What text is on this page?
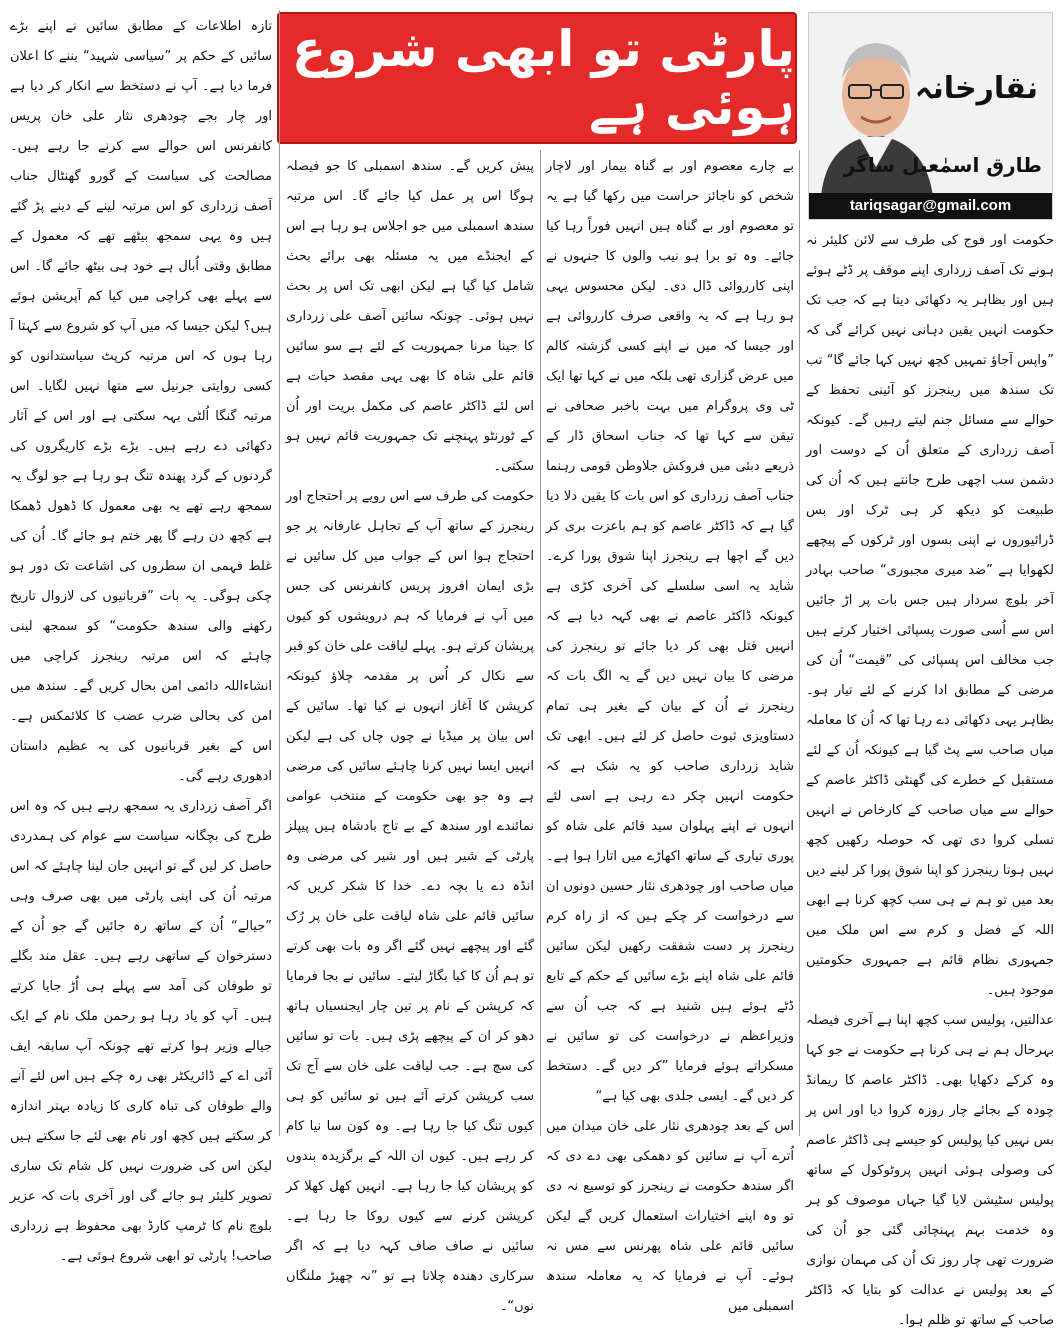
پارٹی تو ابھی شروع ہوئی ہے	نقارخانہ
طارق اسمٰعیل ساگر
tariqsagar@gmail.com

حکومت اور فوج کی طرف سے لائن کلیئر نہ ہونے تک آصف زرداری اپنے موقف پر ڈٹے ہوئے ہیں اور بظاہر یہ دکھائی دیتا ہے کہ جب تک حکومت انہیں یقین دہانی نہیں کرائے گی کہ ”واپس آجاؤ تمہیں کچھ نہیں کہا جائے گا“ تب تک سندھ میں رینجرز کو آئینی تحفظ کے حوالے سے مسائل جنم لیتے رہیں گے۔ کیونکہ آصف زرداری کے متعلق اُن کے دوست اور دشمن سب اچھی طرح جانتے ہیں کہ اُن کی طبیعت کو دیکھ کر ہی ٹرک اور بس ڈرائیوروں نے اپنی بسوں اور ٹرکوں کے پیچھے لکھوایا ہے ”ضد میری مجبوری“ صاحب بہادر آخر بلوچ سردار ہیں جس بات پر اڑ جائیں اس سے اُسی صورت پسپائی اختیار کرتے ہیں جب مخالف اس پسپائی کی ”قیمت“ اُن کی مرضی کے مطابق ادا کرنے کے لئے تیار ہو۔ بظاہر یہی دکھائی دے رہا تھا کہ اُن کا معاملہ میاں صاحب سے پٹ گیا ہے کیونکہ اُن کے لئے مستقبل کے خطرے کی گھنٹی ڈاکٹر عاصم کے حوالے سے میاں صاحب کے کارخاص نے انہیں تسلی کروا دی تھی کہ حوصلہ رکھیں کچھ نہیں ہوتا رینجرز کو اپنا شوق پورا کر لینے دیں بعد میں تو ہم نے ہی سب کچھ کرنا ہے ابھی اللہ کے فضل و کرم سے اس ملک میں جمہوری نظام قائم ہے جمہوری حکومتیں موجود ہیں۔

عدالتیں، پولیس سب کچھ اپنا ہے آخری فیصلہ بہرحال ہم نے ہی کرنا ہے حکومت نے جو کہا وہ کرکے دکھایا بھی۔ ڈاکٹر عاصم کا ریمانڈ چودہ کے بجائے چار روزہ کروا دیا اور اس پر بس نہیں کیا پولیس کو جیسے ہی ڈاکٹر عاصم کی وصولی ہوئی انہیں پروٹوکول کے ساتھ پولیس سٹیشن لایا گیا جہاں موصوف کو ہر وہ خدمت بہم پہنچائی گئی جو اُن کی ضرورت تھی چار روز تک اُن کی مہمان نوازی کے بعد پولیس نے عدالت کو بتایا کہ ڈاکٹر صاحب کے ساتھ تو ظلم ہوا۔

بے چارے معصوم اور بے گناہ بیمار اور لاچار شخص کو ناجائز حراست میں رکھا گیا ہے یہ تو معصوم اور بے گناہ ہیں انہیں فوراً رہا کیا جائے۔ وہ تو برا ہو نیب والوں کا جنہوں نے اپنی کارروائی ڈال دی۔ لیکن محسوس یہی ہو رہا ہے کہ یہ واقعی صرف کارروائی ہے اور جیسا کہ میں نے اپنے کسی گزشتہ کالم میں عرض گزاری تھی بلکہ میں نے کہا تھا ایک ٹی وی پروگرام میں بہت باخبر صحافی نے تیقن سے کہا تھا کہ جناب اسحاق ڈار کے ذریعے دبئی میں فروکش جلاوطن قومی رہنما جناب آصف زرداری کو اس بات کا یقین دلا دیا گیا ہے کہ ڈاکٹر عاصم کو ہم باعزت بری کر دیں گے اچھا ہے رینجرز اپنا شوق پورا کرے۔ شاید یہ اسی سلسلے کی آخری کڑی ہے کیونکہ ڈاکٹر عاصم نے بھی کہہ دیا ہے کہ انہیں قتل بھی کر دیا جائے تو رینجرز کی مرضی کا بیان نہیں دیں گے یہ الگ بات کہ رینجرز نے اُن کے بیان کے بغیر ہی تمام دستاویزی ثبوت حاصل کر لئے ہیں۔ ابھی تک شاید زرداری صاحب کو یہ شک ہے کہ حکومت انہیں چکر دے رہی ہے اسی لئے انہوں نے اپنے پہلوان سید قائم علی شاہ کو پوری تیاری کے ساتھ اکھاڑے میں اتارا ہوا ہے۔ میاں صاحب اور چودھری نثار حسین دونوں ان سے درخواست کر چکے ہیں کہ از راہ کرم رینجرز پر دست شفقت رکھیں لیکن سائیں قائم علی شاہ اپنے بڑے سائیں کے حکم کے تابع ڈٹے ہوئے ہیں شنید ہے کہ جب اُن سے وزیراعظم نے درخواست کی تو سائیں نے مسکراتے ہوئے فرمایا ”کر دیں گے۔ دستخط کر دیں گے۔ ایسی جلدی بھی کیا ہے“

اس کے بعد چودھری نثار علی خان میدان میں اُترے آپ نے سائیں کو دھمکی بھی دے دی کہ اگر سندھ حکومت نے رینجرز کو توسیع نہ دی تو وہ اپنے اختیارات استعمال کریں گے لیکن سائیں قائم علی شاہ پھرنس سے مس نہ ہوئے۔ آپ نے فرمایا کہ یہ معاملہ سندھ اسمبلی میں

پیش کریں گے۔ سندھ اسمبلی کا جو فیصلہ ہوگا اس پر عمل کیا جائے گا۔ اس مرتبہ سندھ اسمبلی میں جو اجلاس ہو رہا ہے اس کے ایجنڈے میں یہ مسئلہ بھی برائے بحث شامل کیا گیا ہے لیکن ابھی تک اس پر بحث نہیں ہوئی۔ چونکہ سائیں آصف علی زرداری کا جینا مرنا جمہوریت کے لئے ہے سو سائیں قائم علی شاہ کا بھی یہی مقصد حیات ہے اس لئے ڈاکٹر عاصم کی مکمل بریت اور اُن کے ٹورنٹو پہنچنے تک جمہوریت قائم نہیں ہو سکتی۔

حکومت کی طرف سے اس رویے پر احتجاج اور رینجرز کے ساتھ آپ کے تجاہل عارفانہ پر جو احتجاج ہوا اس کے جواب میں کل سائیں نے بڑی ایمان افروز پریس کانفرنس کی جس میں آپ نے فرمایا کہ ہم درویشوں کو کیوں پریشان کرتے ہو۔ پہلے لیاقت علی خان کو قبر سے نکال کر اُس پر مقدمہ چلاؤ کیونکہ کرپشن کا آغاز انہوں نے کیا تھا۔ سائیں کے اس بیان پر میڈیا نے چوں چاں کی ہے لیکن انہیں ایسا نہیں کرنا چاہئے سائیں کی مرضی ہے وہ جو بھی حکومت کے منتخب عوامی نمائندے اور سندھ کے بے تاج بادشاہ ہیں پیپلز پارٹی کے شیر ہیں اور شیر کی مرضی وہ انڈہ دے یا بچہ دے۔ خدا کا شکر کریں کہ سائیں قائم علی شاہ لیاقت علی خان پر رُک گئے اور پیچھے نہیں گئے اگر وہ بات بھی کرتے تو ہم اُن کا کیا بگاڑ لیتے۔ سائیں نے بجا فرمایا کہ کرپشن کے نام پر تین چار ایجنسیاں ہاتھ دھو کر ان کے پیچھے پڑی ہیں۔ بات تو سائیں کی سچ ہے۔ جب لیاقت علی خان سے آج تک سب کرپشن کرتے آئے ہیں تو سائیں کو ہی کیوں تنگ کیا جا رہا ہے۔ وہ کون سا نیا کام کر رہے ہیں۔ کیوں ان اللہ کے برگزیدہ بندوں کو پریشان کیا جا رہا ہے۔ انہیں کھل کھلا کر کرپشن کرنے سے کیوں روکا جا رہا ہے۔ سائیں نے صاف صاف کہہ دیا ہے کہ اگر سرکاری دھندہ چلانا ہے تو ”نہ چھیڑ ملنگاں نوں“۔

تازہ اطلاعات کے مطابق سائیں نے اپنے بڑے سائیں کے حکم پر ”سیاسی شہید“ بننے کا اعلان فرما دیا ہے۔ آپ نے دستخط سے انکار کر دیا ہے اور چار بجے چودھری نثار علی خان پریس کانفرنس اس حوالے سے کرنے جا رہے ہیں۔ مصالحت کی سیاست کے گورو گھنٹال جناب آصف زرداری کو اس مرتبہ لینے کے دینے پڑ گئے ہیں وہ یہی سمجھ بیٹھے تھے کہ معمول کے مطابق وقتی اُبال ہے خود ہی بیٹھ جائے گا۔ اس سے پہلے بھی کراچی میں کیا کم آپریشن ہوئے ہیں؟ لیکن جیسا کہ میں آپ کو شروع سے کہتا آ رہا ہوں کہ اس مرتبہ کرپٹ سیاستدانوں کو کسی روایتی جرنیل سے متھا نہیں لگایا۔ اس مرتبہ گنگا اُلٹی بہہ سکتی ہے اور اس کے آثار دکھائی دے رہے ہیں۔ بڑے بڑے کاریگروں کی گردنوں کے گرد پھندہ تنگ ہو رہا ہے جو لوگ یہ سمجھ رہے تھے یہ بھی معمول کا ڈھول ڈھمکا ہے کچھ دن رہے گا پھر ختم ہو جائے گا۔ اُن کی غلط فہمی ان سطروں کی اشاعت تک دور ہو چکی ہوگی۔ یہ بات ”قربانیوں کی لازوال تاریخ رکھنے والی سندھ حکومت“ کو سمجھ لینی چاہئے کہ اس مرتبہ رینجرز کراچی میں انشاءاللہ دائمی امن بحال کریں گے۔ سندھ میں امن کی بحالی ضرب عضب کا کلائمکس ہے۔ اس کے بغیر قربانیوں کی یہ عظیم داستان ادھوری رہے گی۔

اگر آصف زرداری یہ سمجھ رہے ہیں کہ وہ اس طرح کی بچگانہ سیاست سے عوام کی ہمدردی حاصل کر لیں گے تو انہیں جان لینا چاہئے کہ اس مرتبہ اُن کی اپنی پارٹی میں بھی صرف وہی ”جیالے“ اُن کے ساتھ رہ جائیں گے جو اُن کے دسترخوان کے ساتھی رہے ہیں۔ عقل مند بگلے تو طوفان کی آمد سے پہلے ہی اُڑ جایا کرتے ہیں۔ آپ کو یاد رہا ہو رحمن ملک نام کے ایک جیالے وزیر ہوا کرتے تھے چونکہ آپ سابقہ ایف آئی اے کے ڈائریکٹر بھی رہ چکے ہیں اس لئے آنے والے طوفان کی تباہ کاری کا زیادہ بہتر اندازہ کر سکتے ہیں کچھ اور نام بھی لئے جا سکتے ہیں لیکن اس کی ضرورت نہیں کل شام تک ساری تصویر کلیئر ہو جائے گی اور آخری بات کہ عزیر بلوچ نام کا ٹرمپ کارڈ بھی محفوظ ہے زرداری صاحب! پارٹی تو ابھی شروع ہوئی ہے۔
